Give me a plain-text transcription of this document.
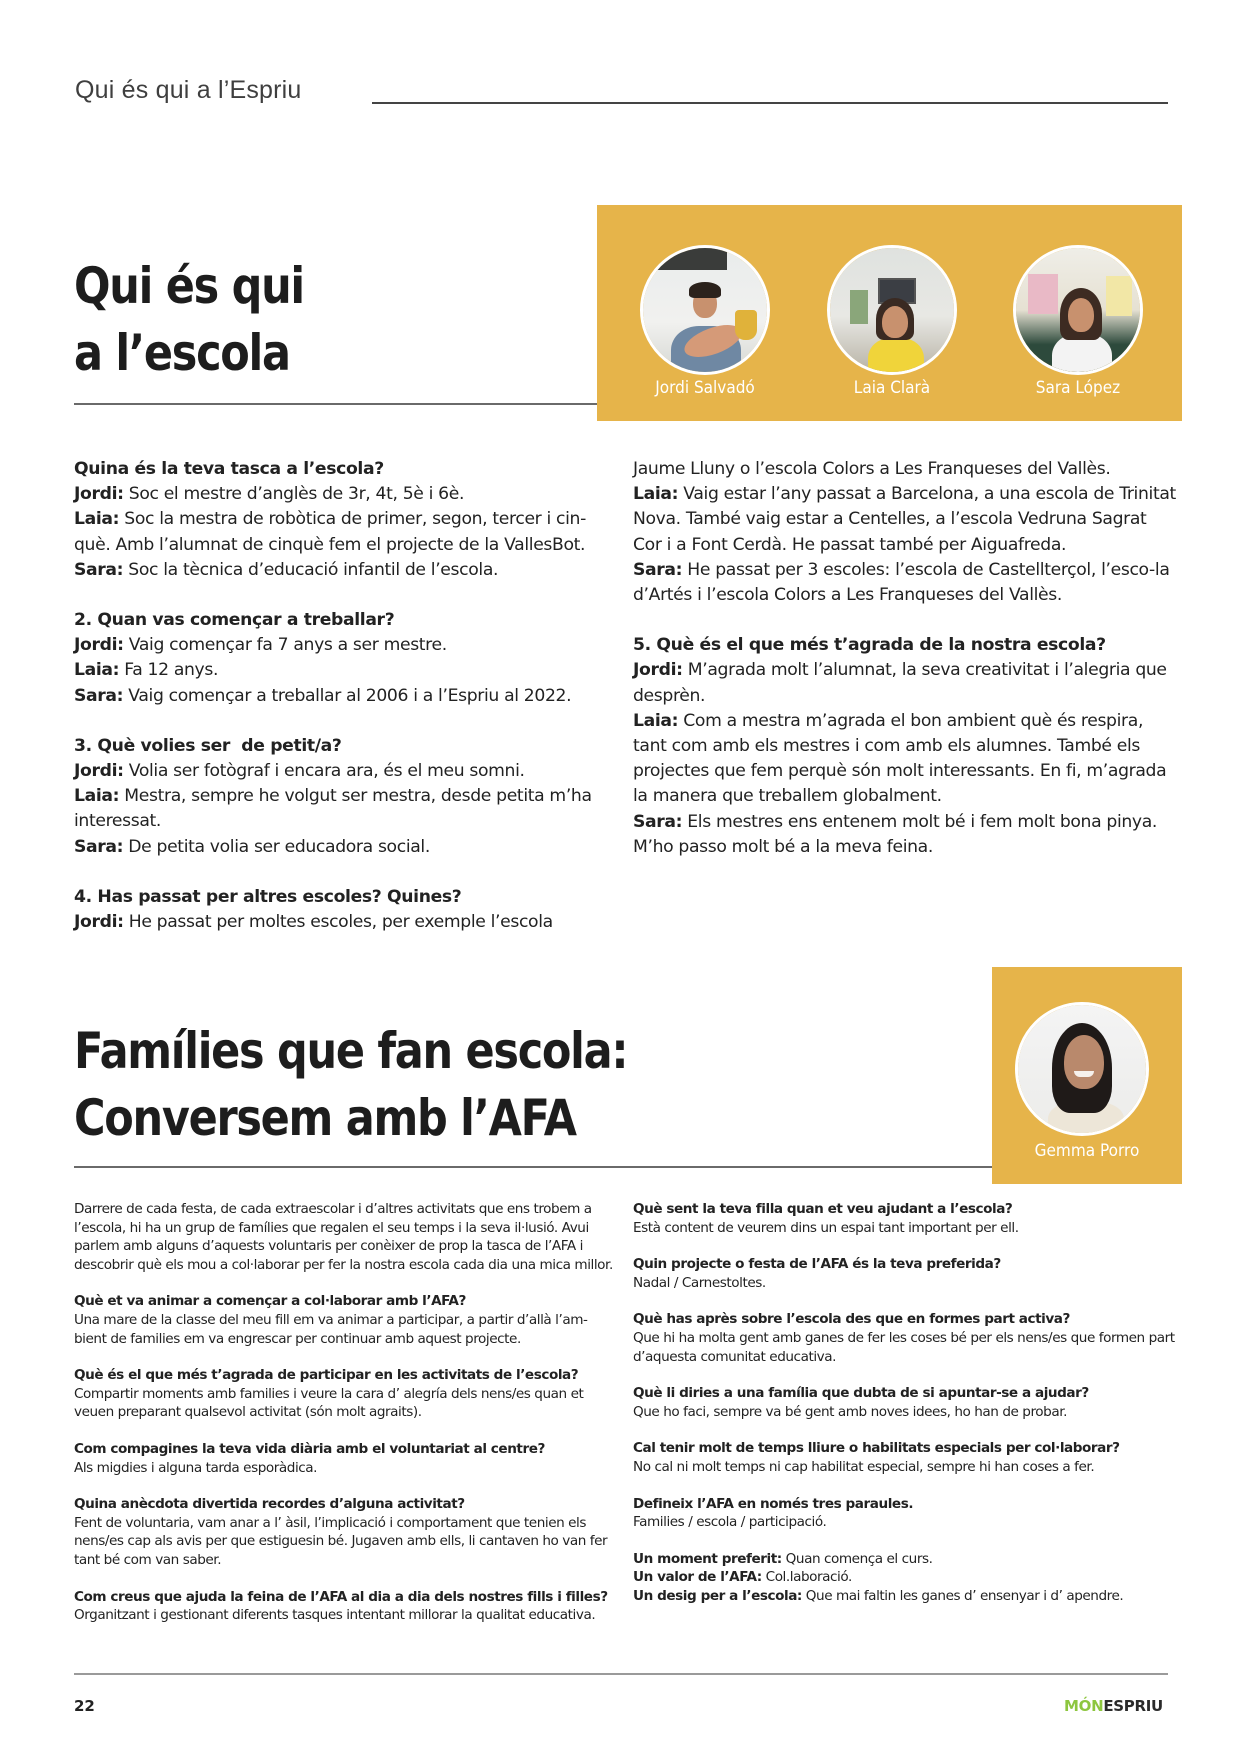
Qui és qui a l’Espriu
Qui és qui
a l’escola
Jordi Salvadó	Laia Clarà	Sara López
Quina és la teva tasca a l’escola?
Jordi: Soc el mestre d’anglès de 3r, 4t, 5è i 6è.
Laia: Soc la mestra de robòtica de primer, segon, tercer i cin-què. Amb l’alumnat de cinquè fem el projecte de la VallesBot.
Sara: Soc la tècnica d’educació infantil de l’escola.
2. Quan vas començar a treballar?
Jordi: Vaig començar fa 7 anys a ser mestre.
Laia: Fa 12 anys.
Sara: Vaig començar a treballar al 2006 i a l’Espriu al 2022.
3. Què volies ser  de petit/a?
Jordi: Volia ser fotògraf i encara ara, és el meu somni.
Laia: Mestra, sempre he volgut ser mestra, desde petita m’ha interessat.
Sara: De petita volia ser educadora social.
4. Has passat per altres escoles? Quines?
Jordi: He passat per moltes escoles, per exemple l’escola
Jaume Lluny o l’escola Colors a Les Franqueses del Vallès.
Laia: Vaig estar l’any passat a Barcelona, a una escola de Trinitat Nova. També vaig estar a Centelles, a l’escola Vedruna Sagrat Cor i a Font Cerdà. He passat també per Aiguafreda.
Sara: He passat per 3 escoles: l’escola de Castellterçol, l’esco-la d’Artés i l’escola Colors a Les Franqueses del Vallès.
5. Què és el que més t’agrada de la nostra escola?
Jordi: M’agrada molt l’alumnat, la seva creativitat i l’alegria que desprèn.
Laia: Com a mestra m’agrada el bon ambient què és respira, tant com amb els mestres i com amb els alumnes. També els projectes que fem perquè són molt interessants. En fi, m’agrada la manera que treballem globalment.
Sara: Els mestres ens entenem molt bé i fem molt bona pinya. M’ho passo molt bé a la meva feina.
Famílies que fan escola:
Conversem amb l’AFA
Gemma Porro
Darrere de cada festa, de cada extraescolar i d’altres activitats que ens trobem a l’escola, hi ha un grup de famílies que regalen el seu temps i la seva il·lusió. Avui parlem amb alguns d’aquests voluntaris per conèixer de prop la tasca de l’AFA i descobrir què els mou a col·laborar per fer la nostra escola cada dia una mica millor.
Què et va animar a començar a col·laborar amb l’AFA?
Una mare de la classe del meu fill em va animar a participar, a partir d’allà l’am-bient de families em va engrescar per continuar amb aquest projecte.
Què és el que més t’agrada de participar en les activitats de l’escola?
Compartir moments amb families i veure la cara d’ alegría dels nens/es quan et veuen preparant qualsevol activitat (són molt agraits).
Com compagines la teva vida diària amb el voluntariat al centre?
Als migdies i alguna tarda esporàdica.
Quina anècdota divertida recordes d’alguna activitat?
Fent de voluntaria, vam anar a l’ àsil, l’implicació i comportament que tenien els nens/es cap als avis per que estiguesin bé. Jugaven amb ells, li cantaven ho van fer tant bé com van saber.
Com creus que ajuda la feina de l’AFA al dia a dia dels nostres fills i filles?
Organitzant i gestionant diferents tasques intentant millorar la qualitat educativa.
Què sent la teva filla quan et veu ajudant a l’escola?
Està content de veurem dins un espai tant important per ell.
Quin projecte o festa de l’AFA és la teva preferida?
Nadal / Carnestoltes.
Què has après sobre l’escola des que en formes part activa?
Que hi ha molta gent amb ganes de fer les coses bé per els nens/es que formen part d’aquesta comunitat educativa.
Què li diries a una família que dubta de si apuntar-se a ajudar?
Que ho faci, sempre va bé gent amb noves idees, ho han de probar.
Cal tenir molt de temps lliure o habilitats especials per col·laborar?
No cal ni molt temps ni cap habilitat especial, sempre hi han coses a fer.
Defineix l’AFA en només tres paraules.
Families / escola / participació.
Un moment preferit: Quan comença el curs.
Un valor de l’AFA: Col.laboració.
Un desig per a l’escola: Que mai faltin les ganes d’ ensenyar i d’ apendre.
22	MÓNESPRIU
